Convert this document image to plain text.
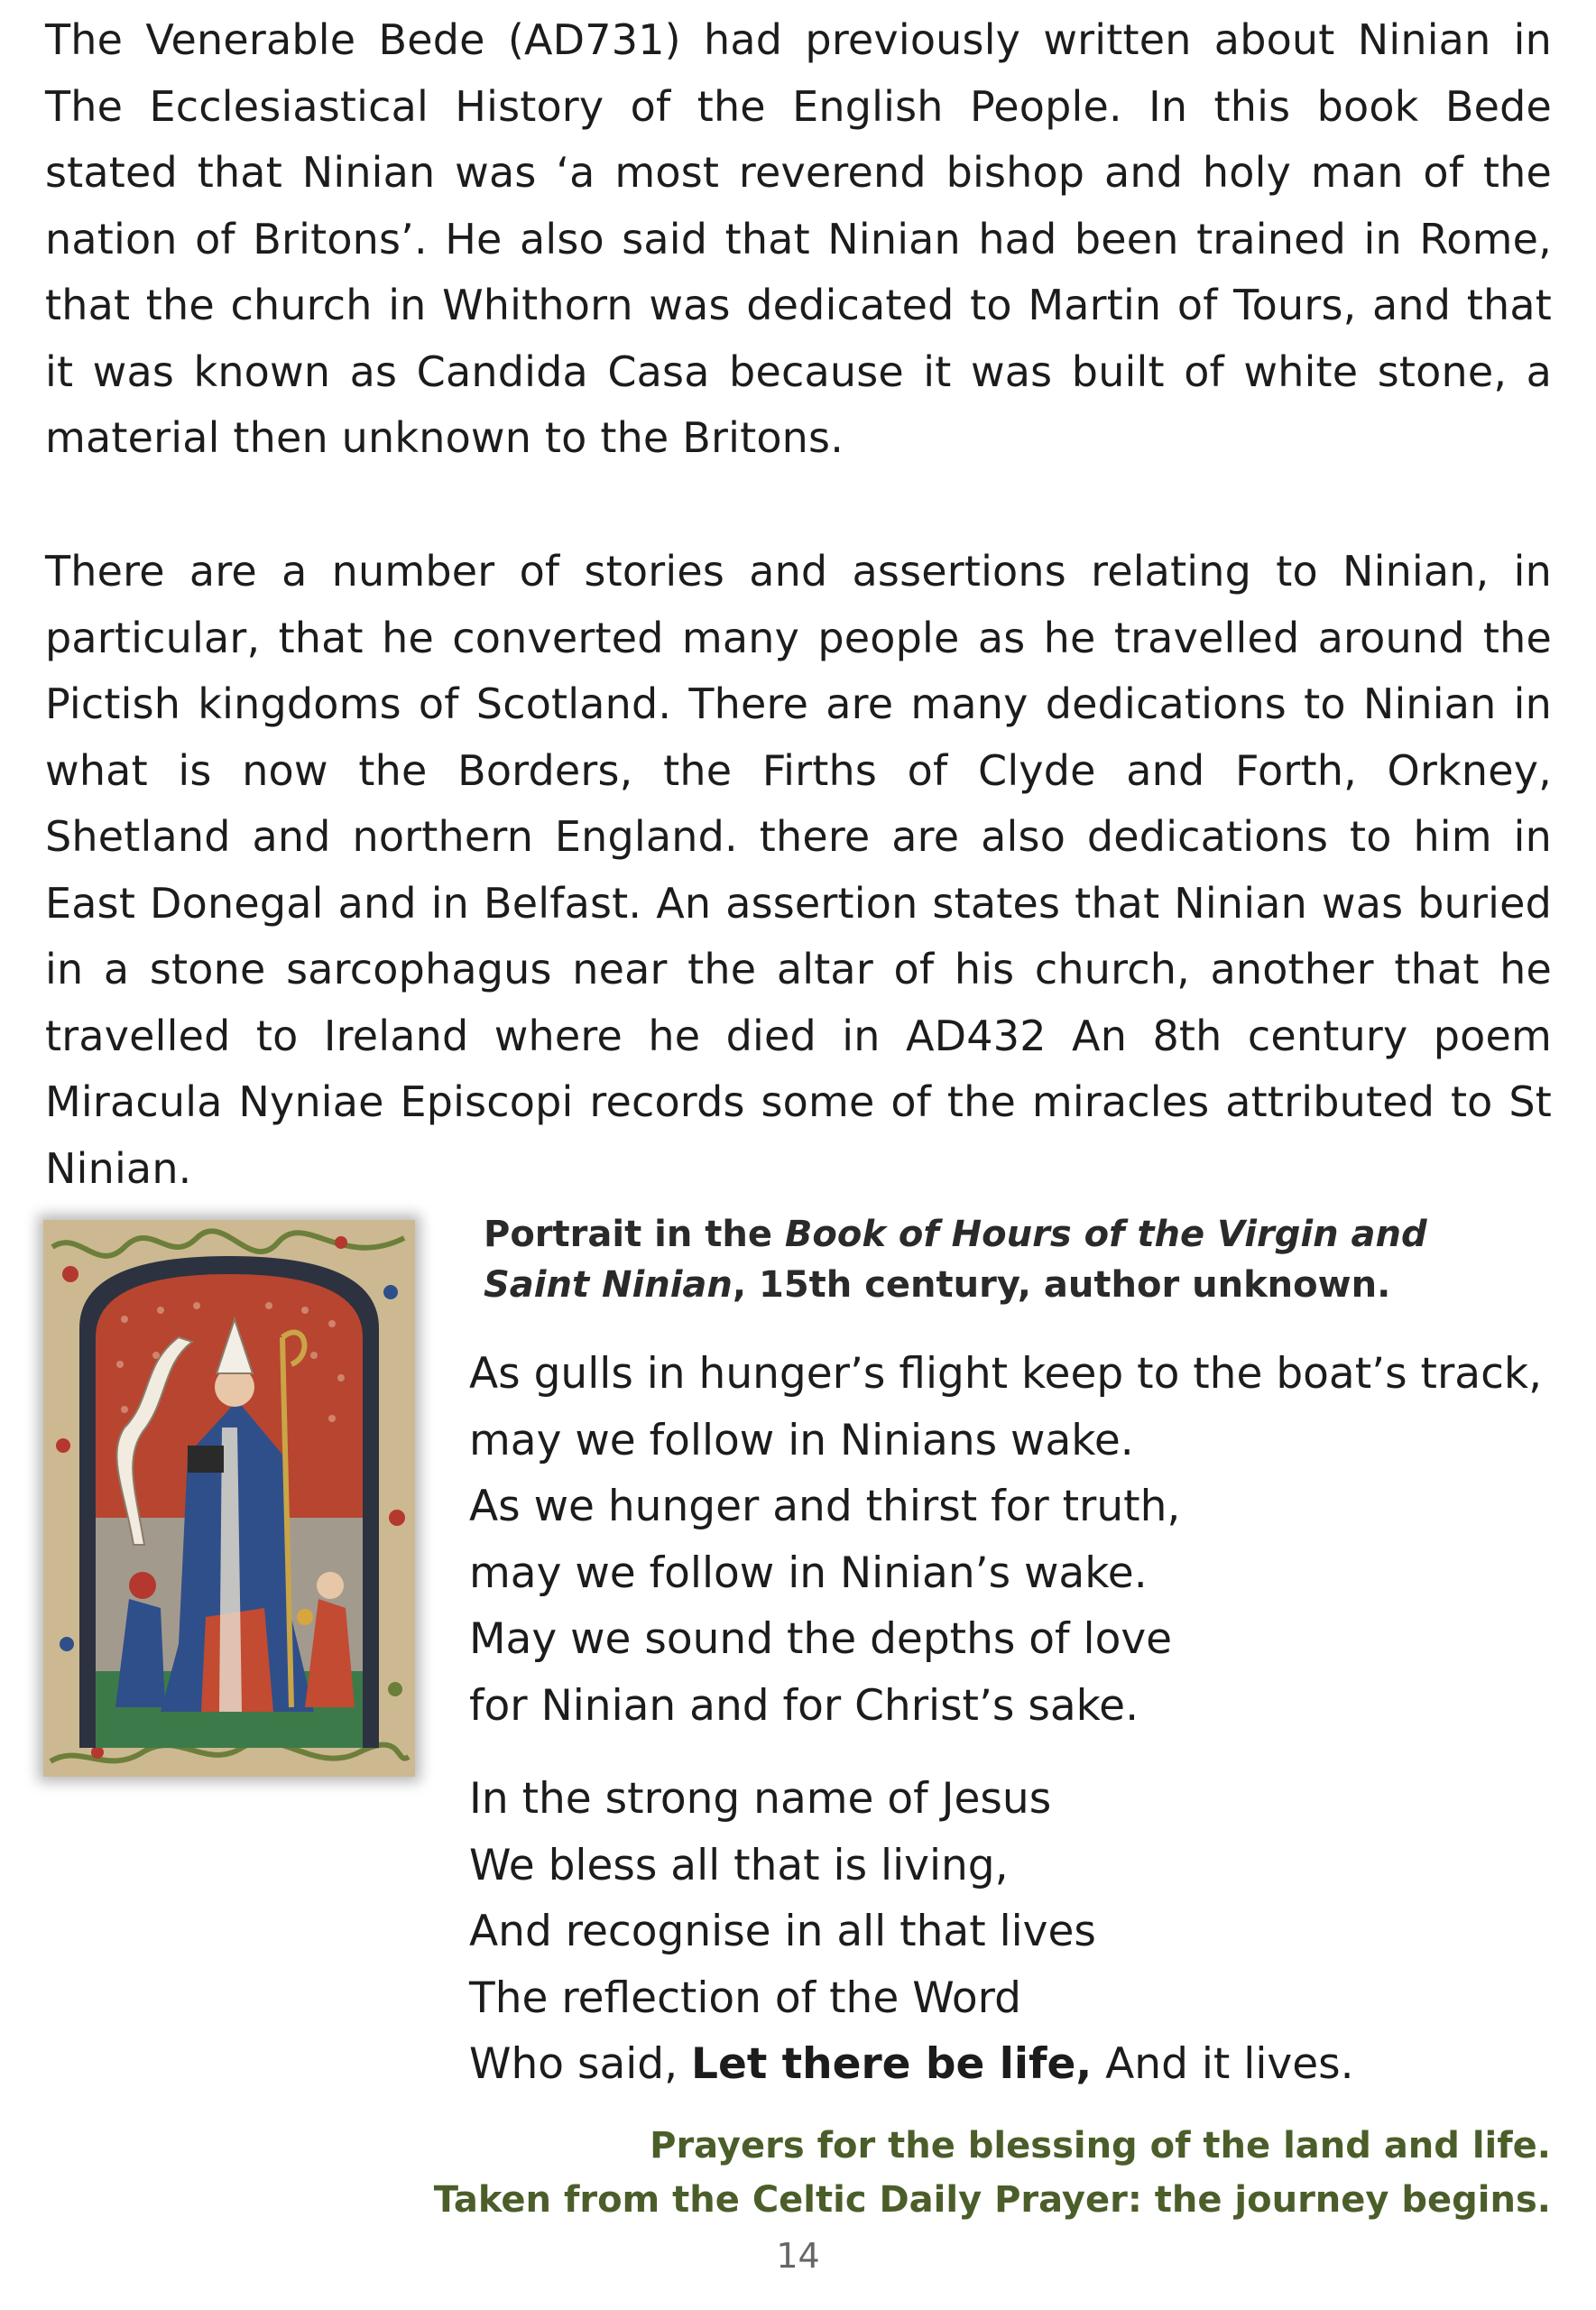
The Venerable Bede (AD731) had previously written about Ninian in The Ecclesiastical History of the English People. In this book Bede stated that Ninian was ‘a most reverend bishop and holy man of the nation of Britons’. He also said that Ninian had been trained in Rome, that the church in Whithorn was dedicated to Martin of Tours, and that it was known as Candida Casa because it was built of white stone, a material then unknown to the Britons.

There are a number of stories and assertions relating to Ninian, in particular, that he converted many people as he travelled around the Pictish kingdoms of Scotland. There are many dedications to Ninian in what is now the Borders, the Firths of Clyde and Forth, Orkney, Shetland and northern England. there are also dedications to him in East Donegal and in Belfast. An assertion states that Ninian was buried in a stone sarcophagus near the altar of his church, another that he travelled to Ireland where he died in AD432 An 8th century poem Miracula Nyniae Episcopi records some of the miracles attributed to St Ninian.

Portrait in the Book of Hours of the Virgin and Saint Ninian, 15th century, author unknown.

As gulls in hunger’s flight keep to the boat’s track,
may we follow in Ninians wake.
As we hunger and thirst for truth,
may we follow in Ninian’s wake.
May we sound the depths of love
for Ninian and for Christ’s sake.
In the strong name of Jesus
We bless all that is living,
And recognise in all that lives
The reflection of the Word
Who said, Let there be life, And it lives.
Prayers for the blessing of the land and life.
Taken from the Celtic Daily Prayer: the journey begins.
14
